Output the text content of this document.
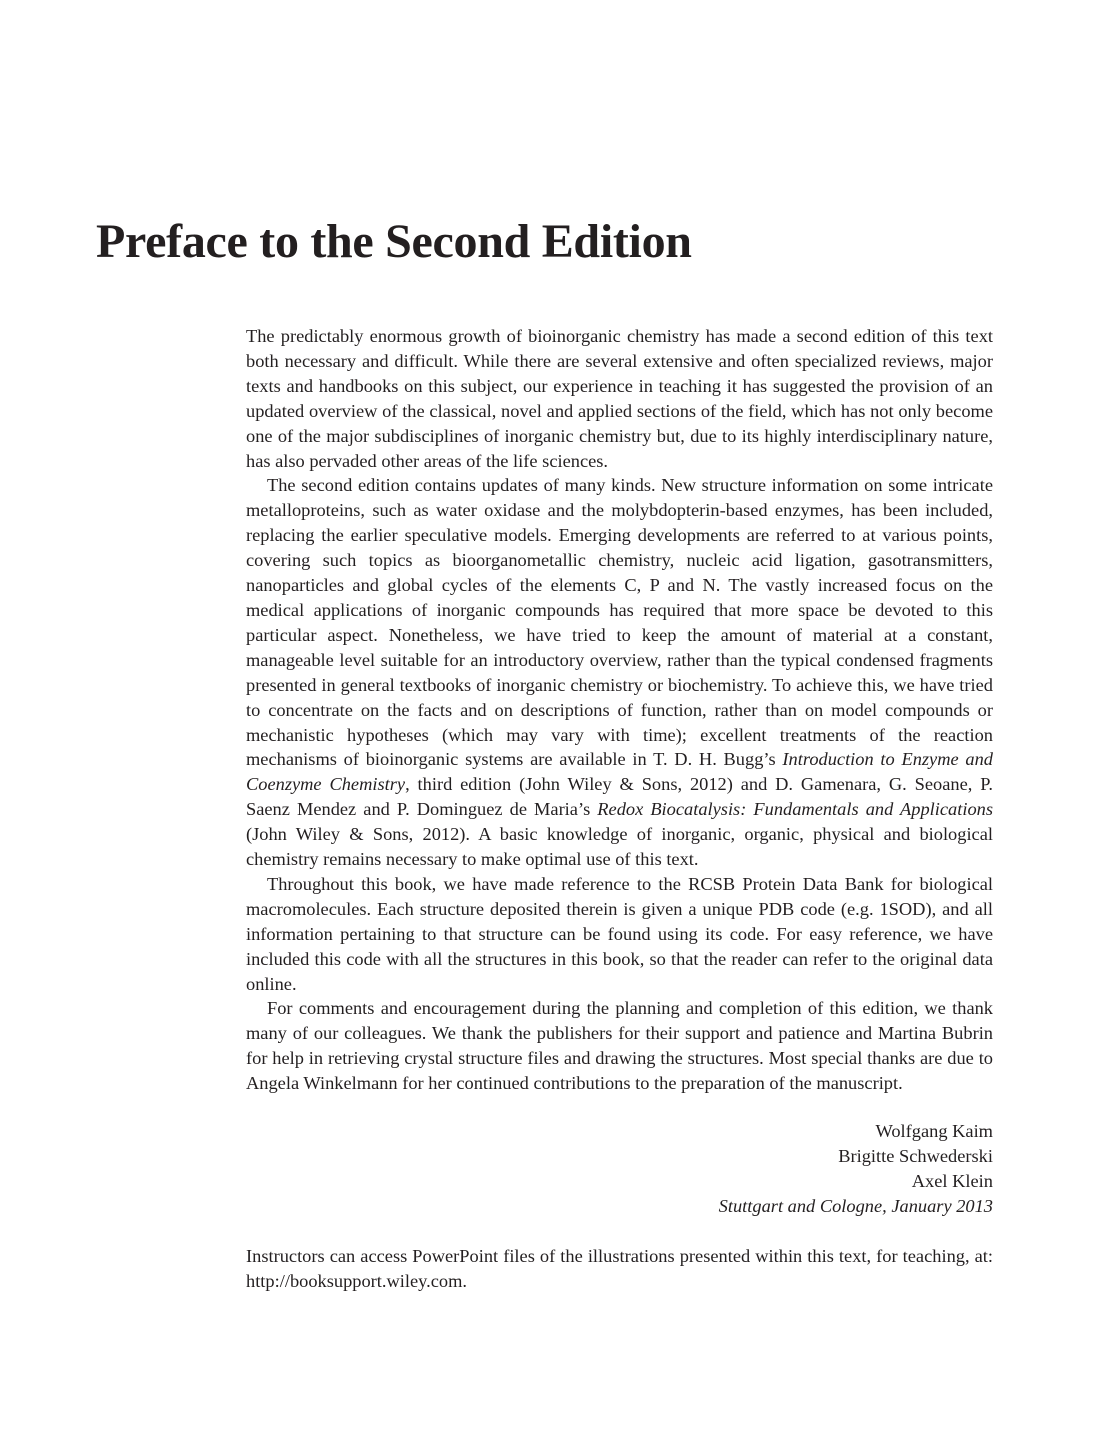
Preface to the Second Edition

The predictably enormous growth of bioinorganic chemistry has made a second edition of this text both necessary and difficult. While there are several extensive and often specialized reviews, major texts and handbooks on this subject, our experience in teaching it has suggested the provision of an updated overview of the classical, novel and applied sections of the field, which has not only become one of the major subdisciplines of inorganic chemistry but, due to its highly interdisciplinary nature, has also pervaded other areas of the life sciences.

The second edition contains updates of many kinds. New structure information on some intricate metalloproteins, such as water oxidase and the molybdopterin-based enzymes, has been included, replacing the earlier speculative models. Emerging developments are referred to at various points, covering such topics as bioorganometallic chemistry, nucleic acid ligation, gasotransmitters, nanoparticles and global cycles of the elements C, P and N. The vastly increased focus on the medical applications of inorganic compounds has required that more space be devoted to this particular aspect. Nonetheless, we have tried to keep the amount of material at a constant, manageable level suitable for an introductory overview, rather than the typical condensed fragments presented in general textbooks of inorganic chemistry or biochemistry. To achieve this, we have tried to concentrate on the facts and on descriptions of function, rather than on model compounds or mechanistic hypotheses (which may vary with time); excellent treatments of the reaction mechanisms of bioinorganic systems are available in T. D. H. Bugg’s Introduction to Enzyme and Coenzyme Chemistry, third edition (John Wiley & Sons, 2012) and D. Gamenara, G. Seoane, P. Saenz Mendez and P. Dominguez de Maria’s Redox Biocatalysis: Fundamentals and Applications (John Wiley & Sons, 2012). A basic knowledge of inorganic, organic, physical and biological chemistry remains necessary to make optimal use of this text.

Throughout this book, we have made reference to the RCSB Protein Data Bank for biological macromolecules. Each structure deposited therein is given a unique PDB code (e.g. 1SOD), and all information pertaining to that structure can be found using its code. For easy reference, we have included this code with all the structures in this book, so that the reader can refer to the original data online.

For comments and encouragement during the planning and completion of this edition, we thank many of our colleagues. We thank the publishers for their support and patience and Martina Bubrin for help in retrieving crystal structure files and drawing the structures. Most special thanks are due to Angela Winkelmann for her continued contributions to the preparation of the manuscript.

Wolfgang Kaim
Brigitte Schwederski
Axel Klein
Stuttgart and Cologne, January 2013

Instructors can access PowerPoint files of the illustrations presented within this text, for teaching, at: http://booksupport.wiley.com.
